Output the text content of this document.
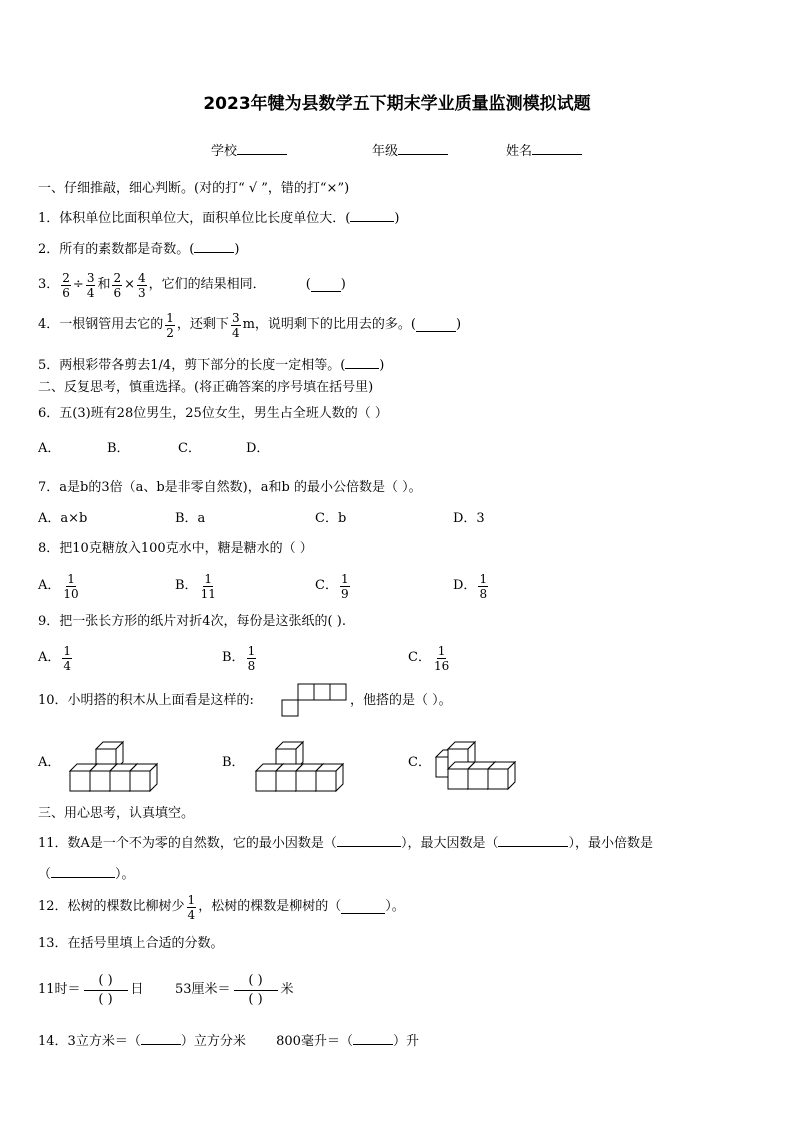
2023年犍为县数学五下期末学业质量监测模拟试题
学校	年级	姓名
一、仔细推敲，细心判断。(对的打“ √ ”，错的打“×”)
1．体积单位比面积单位大，面积单位比长度单位大．(	)
2．所有的素数都是奇数。(	)
3． $\frac{2}{6} \div \frac{3}{4}$ 和 $\frac{2}{6} \times \frac{4}{3}$ ，它们的结果相同．	( )
4．一根钢管用去它的 $\frac{1}{2}$ ，还剩下 $\frac{3}{4}$ m ，说明剩下的比用去的多。(	)
5．两根彩带各剪去1/4，剪下部分的长度一定相等。(	)
二、反复思考，慎重选择。(将正确答案的序号填在括号里)
6．五(3)班有28位男生，25位女生，男生占全班人数的（ ）
A．	B．	C．	D．
7．a是b的3倍（a、b是非零自然数)，a和b 的最小公倍数是（ ）。
A．a×b	B．a	C．b	D．3
8．把10克糖放入100克水中，糖是糖水的（ ）
A． $\frac{1}{10}$	B． $\frac{1}{11}$	C． $\frac{1}{9}$	D． $\frac{1}{8}$
9．把一张长方形的纸片对折4次，每份是这张纸的( ).
A． $\frac{1}{4}$	B． $\frac{1}{8}$	C． $\frac{1}{16}$
10．小明搭的积木从上面看是这样的:	，他搭的是（ ）。
A．	B．	C．
三、用心思考，认真填空。
11．数A是一个不为零的自然数，它的最小因数是（	），最大因数是（	），最小倍数是
（	）。
12．松树的棵数比柳树少 $\frac{1}{4}$ ，松树的棵数是柳树的（	）。
13．在括号里填上合适的分数。
11时＝ $\frac{( )}{( )}$ 日 53厘米＝ $\frac{( )}{( )}$ 米
14．3立方米＝（	）立方分米 800毫升＝（	）升
